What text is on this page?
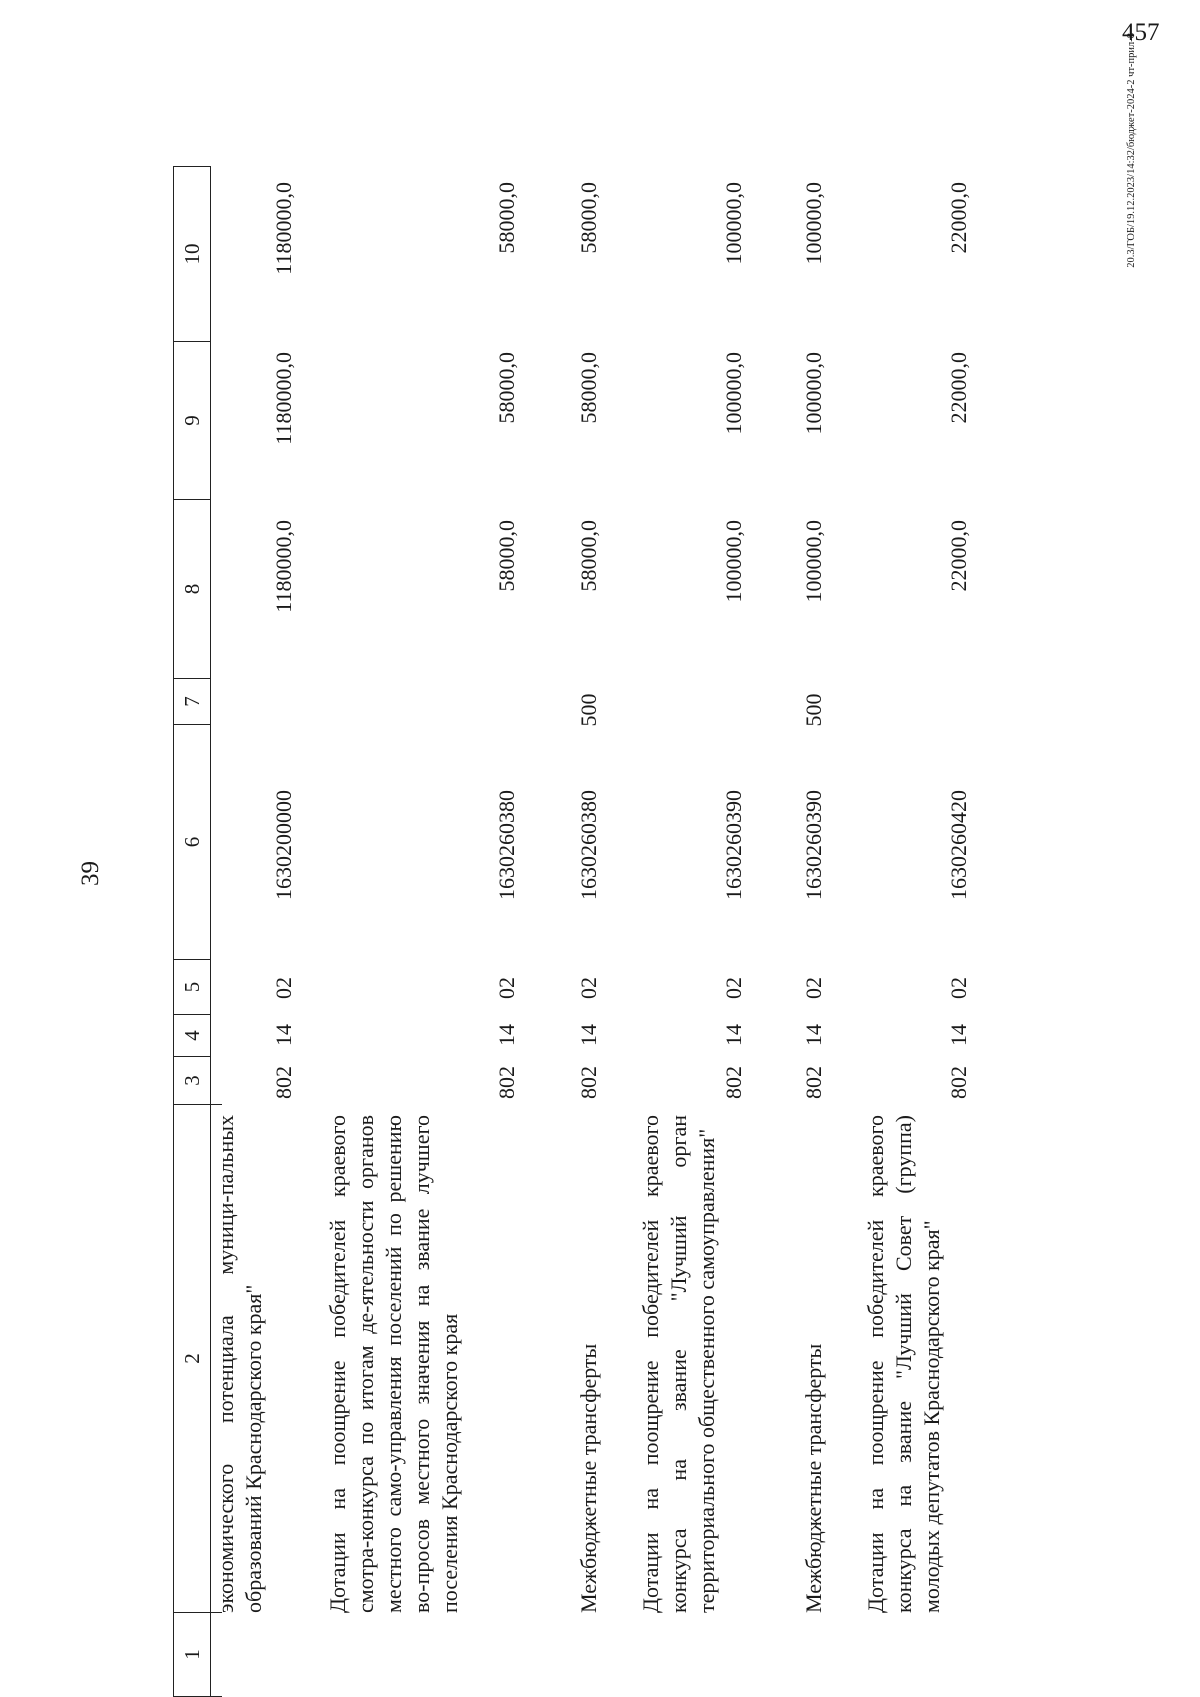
39
1
2
3
4
5
6
7
8
9
10
экономического потенциала муници-пальных образований Краснодарского края"
802
14
02
1630200000
1180000,0
1180000,0
1180000,0
Дотации на поощрение победителей краевого смотра-конкурса по итогам де-ятельности органов местного само-управления поселений по решению во-просов местного значения на звание лучшего поселения Краснодарского края
802
14
02
1630260380
58000,0
58000,0
58000,0
Межбюджетные трансферты
802
14
02
1630260380
500
58000,0
58000,0
58000,0
Дотации на поощрение победителей краевого конкурса на звание "Лучший орган территориального общественного самоуправления"
802
14
02
1630260390
100000,0
100000,0
100000,0
Межбюджетные трансферты
802
14
02
1630260390
500
100000,0
100000,0
100000,0
Дотации на поощрение победителей краевого конкурса на звание "Лучший Совет (группа) молодых депутатов Краснодарского края"
802
14
02
1630260420
22000,0
22000,0
22000,0	20.3/ГОБ/19.12.2023/14:32/бюджет-2024-2 чт-прил-8
457
